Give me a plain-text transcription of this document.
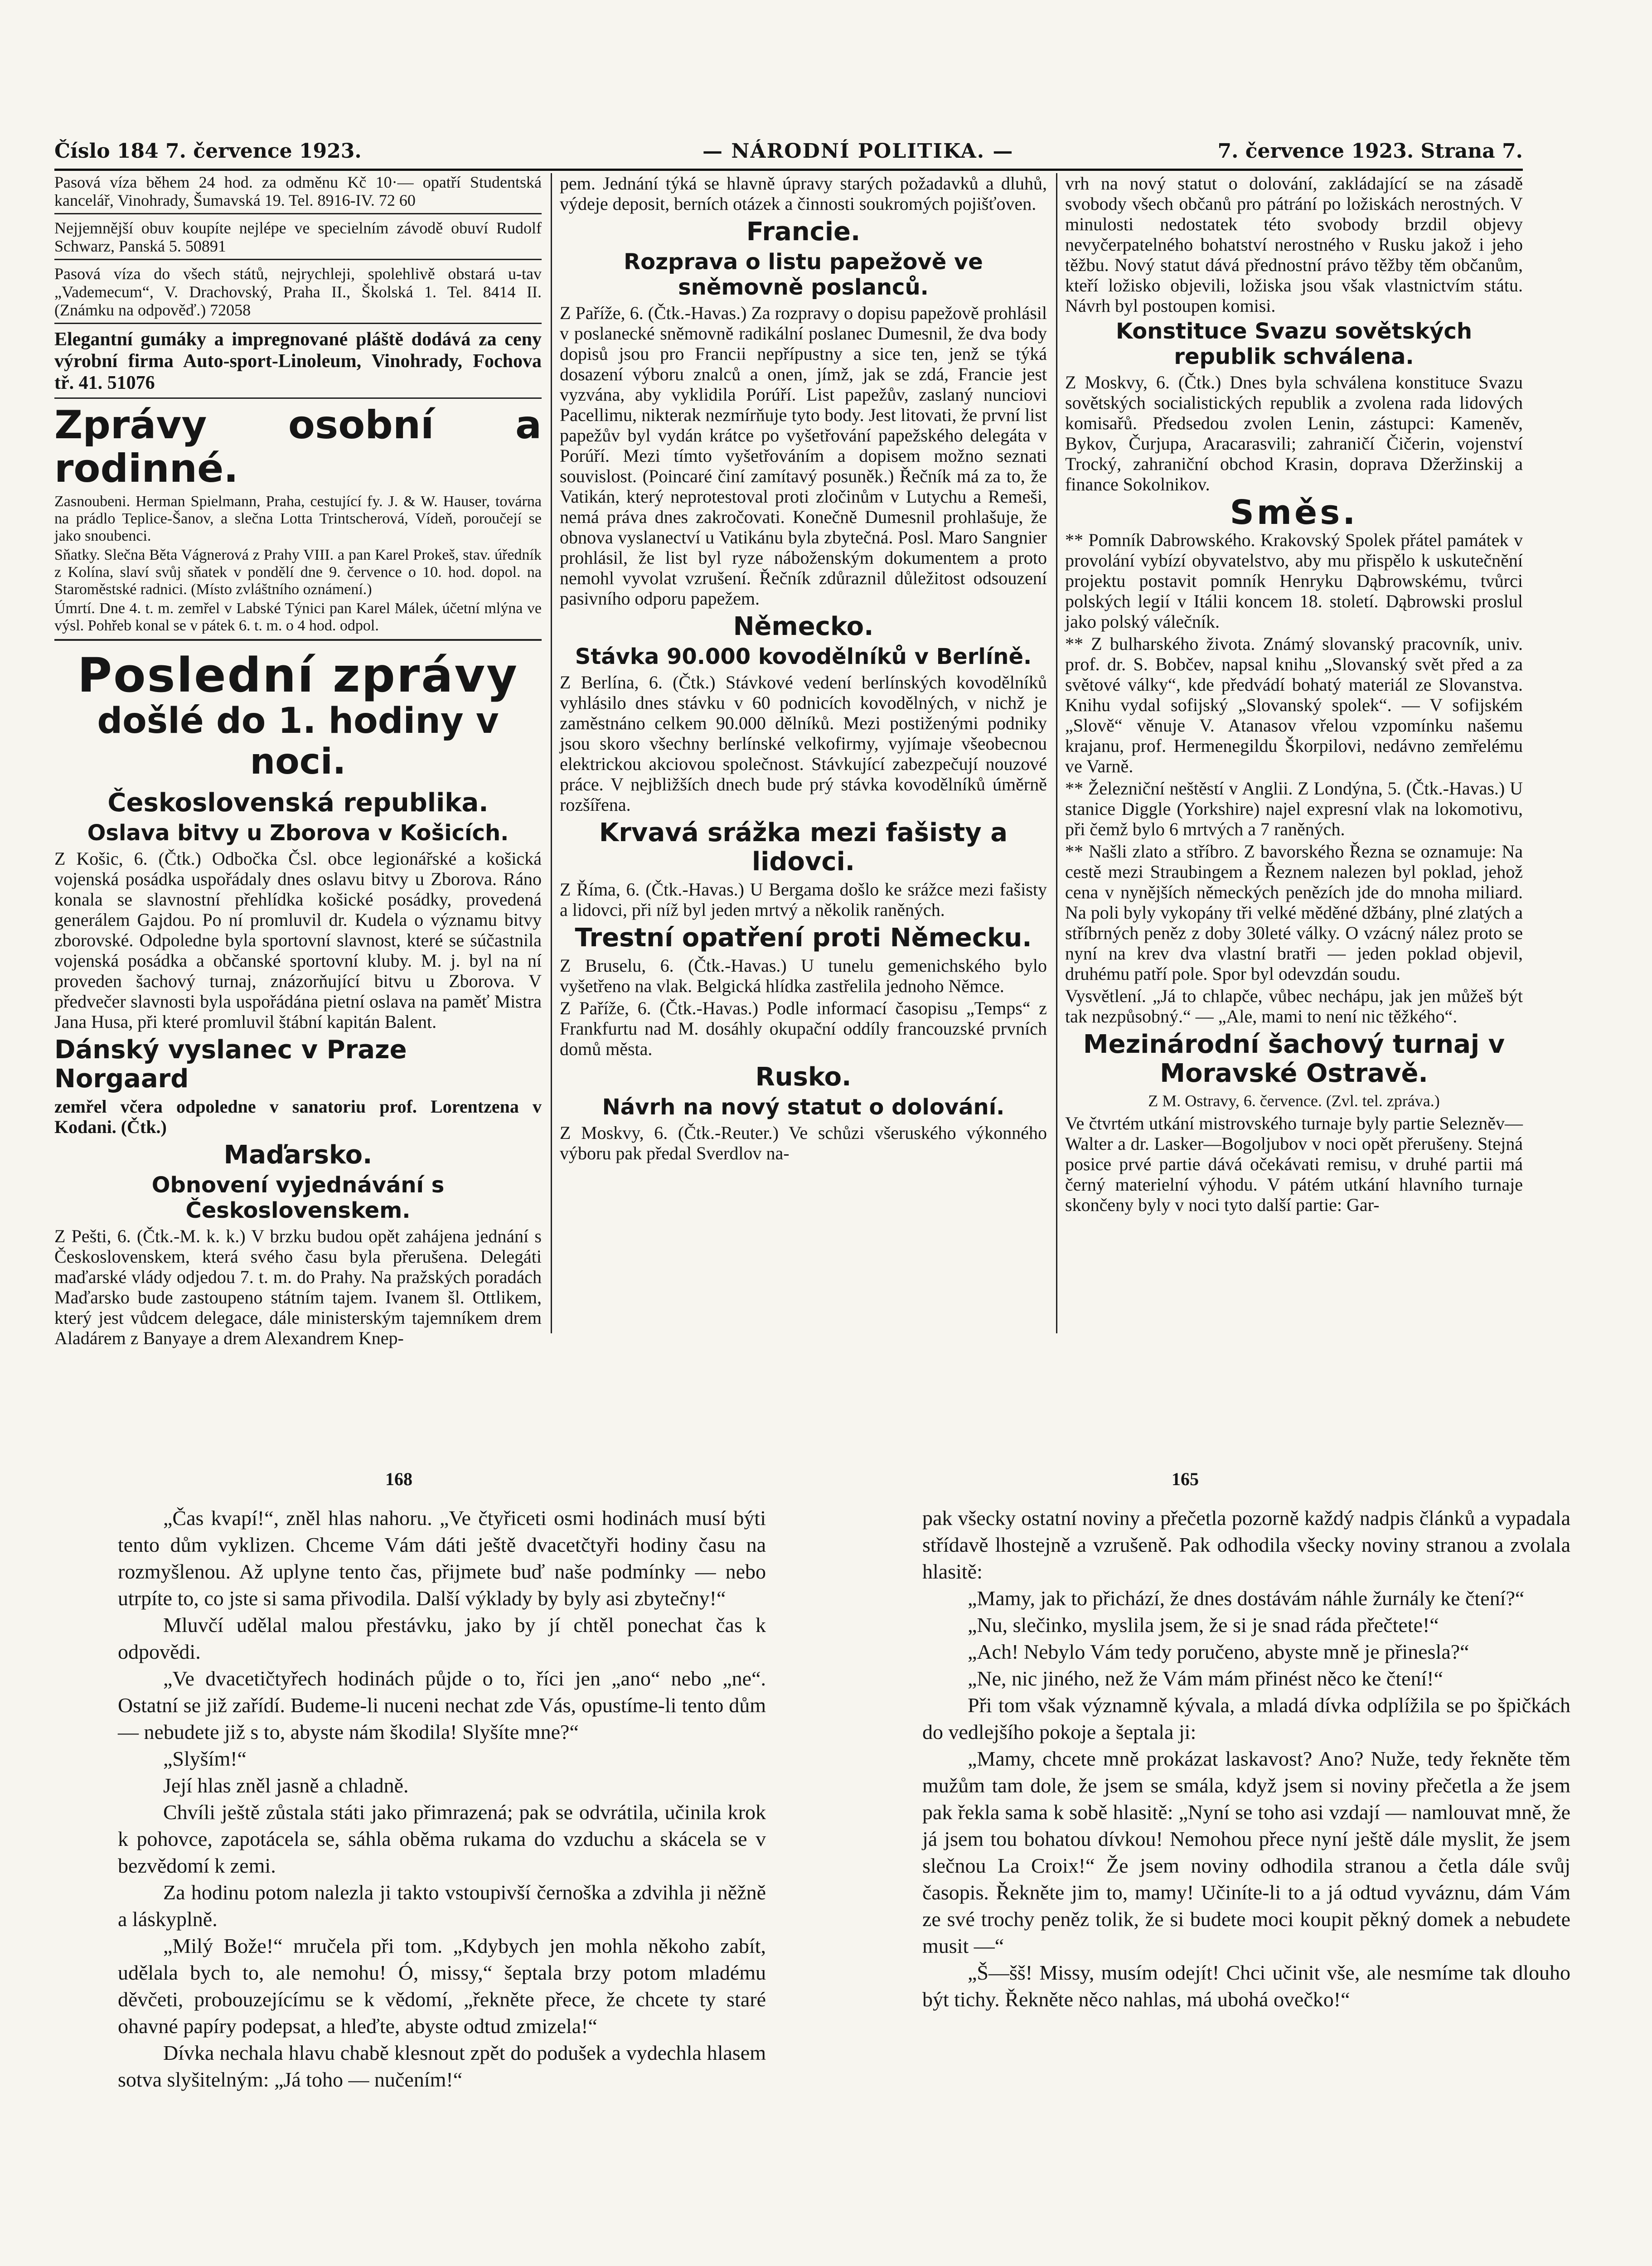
Číslo 184 7. července 1923.	— NÁRODNÍ POLITIKA. —	7. července 1923. Strana 7.
Pasová víza během 24 hod. za odměnu Kč 10·— opatří Studentská kancelář, Vinohrady, Šumavská 19. Tel. 8916-IV. 72 60
Nejjemnější obuv koupíte nejlépe ve specielním závodě obuví Rudolf Schwarz, Panská 5. 50891
Pasová víza do všech států, nejrychleji, spolehlivě obstará u-tav „Vademecum“, V. Drachovský, Praha II., Školská 1. Tel. 8414 II. (Známku na odpověď.) 72058
Elegantní gumáky a impregnované pláště dodává za ceny výrobní firma Auto-sport-Linoleum, Vinohrady, Fochova tř. 41. 51076
Zprávy osobní a rodinné.

Zasnoubeni. Herman Spielmann, Praha, cestující fy. J. & W. Hauser, továrna na prádlo Teplice-Šanov, a slečna Lotta Trintscherová, Vídeň, poroučejí se jako snoubenci.

Sňatky. Slečna Běta Vágnerová z Prahy VIII. a pan Karel Prokeš, stav. úředník z Kolína, slaví svůj sňatek v pondělí dne 9. července o 10. hod. dopol. na Staroměstské radnici. (Místo zvláštního oznámení.)

Úmrtí. Dne 4. t. m. zemřel v Labské Týnici pan Karel Málek, účetní mlýna ve výsl. Pohřeb konal se v pátek 6. t. m. o 4 hod. odpol.

Poslední zprávy
došlé do 1. hodiny v noci.
Československá republika.
Oslava bitvy u Zborova v Košicích.

Z Košic, 6. (Čtk.) Odbočka Čsl. obce legionářské a košická vojenská posádka uspořádaly dnes oslavu bitvy u Zborova. Ráno konala se slavnostní přehlídka košické posádky, provedená generálem Gajdou. Po ní promluvil dr. Kudela o významu bitvy zborovské. Odpoledne byla sportovní slavnost, které se súčastnila vojenská posádka a občanské sportovní kluby. M. j. byl na ní proveden šachový turnaj, znázorňující bitvu u Zborova. V předvečer slavnosti byla uspořádána pietní oslava na paměť Mistra Jana Husa, při které promluvil štábní kapitán Balent.

Dánský vyslanec v Praze Norgaard

zemřel včera odpoledne v sanatoriu prof. Lorentzena v Kodani. (Čtk.)

Maďarsko.
Obnovení vyjednávání s Československem.

Z Pešti, 6. (Čtk.-M. k. k.) V brzku budou opět zahájena jednání s Československem, která svého času byla přerušena. Delegáti maďarské vlády odjedou 7. t. m. do Prahy. Na pražských poradách Maďarsko bude zastoupeno státním tajem. Ivanem šl. Ottlikem, který jest vůdcem delegace, dále ministerským tajemníkem drem Aladárem z Banyaye a drem Alexandrem Knep-

pem. Jednání týká se hlavně úpravy starých požadavků a dluhů, výdeje deposit, berních otázek a činnosti soukromých pojišťoven.

Francie.
Rozprava o listu papežově ve sněmovně poslanců.

Z Paříže, 6. (Čtk.-Havas.) Za rozpravy o dopisu papežově prohlásil v poslanecké sněmovně radikální poslanec Dumesnil, že dva body dopisů jsou pro Francii nepřípustny a sice ten, jenž se týká dosazení výboru znalců a onen, jímž, jak se zdá, Francie jest vyzvána, aby vyklidila Porúří. List papežův, zaslaný nunciovi Pacellimu, nikterak nezmírňuje tyto body. Jest litovati, že první list papežův byl vydán krátce po vyšetřování papežského delegáta v Porúří. Mezi tímto vyšetřováním a dopisem možno seznati souvislost. (Poincaré činí zamítavý posuněk.) Řečník má za to, že Vatikán, který neprotestoval proti zločinům v Lutychu a Remeši, nemá práva dnes zakročovati. Konečně Dumesnil prohlašuje, že obnova vyslanectví u Vatikánu byla zbytečná. Posl. Maro Sangnier prohlásil, že list byl ryze náboženským dokumentem a proto nemohl vyvolat vzrušení. Řečník zdůraznil důležitost odsouzení pasivního odporu papežem.

Německo.
Stávka 90.000 kovodělníků v Berlíně.

Z Berlína, 6. (Čtk.) Stávkové vedení berlínských kovodělníků vyhlásilo dnes stávku v 60 podnicích kovodělných, v nichž je zaměstnáno celkem 90.000 dělníků. Mezi postiženými podniky jsou skoro všechny berlínské velkofirmy, vyjímaje všeobecnou elektrickou akciovou společnost. Stávkující zabezpečují nouzové práce. V nejbližších dnech bude prý stávka kovodělníků úměrně rozšířena.

Krvavá srážka mezi fašisty a lidovci.

Z Říma, 6. (Čtk.-Havas.) U Bergama došlo ke srážce mezi fašisty a lidovci, při níž byl jeden mrtvý a několik raněných.

Trestní opatření proti Německu.

Z Bruselu, 6. (Čtk.-Havas.) U tunelu gemenichského bylo vyšetřeno na vlak. Belgická hlídka zastřelila jednoho Němce.

Z Paříže, 6. (Čtk.-Havas.) Podle informací časopisu „Temps“ z Frankfurtu nad M. dosáhly okupační oddíly francouzské prvních domů města.

Rusko.
Návrh na nový statut o dolování.

Z Moskvy, 6. (Čtk.-Reuter.) Ve schůzi všeruského výkonného výboru pak předal Sverdlov na-

vrh na nový statut o dolování, zakládající se na zásadě svobody všech občanů pro pátrání po ložiskách nerostných. V minulosti nedostatek této svobody brzdil objevy nevyčerpatelného bohatství nerostného v Rusku jakož i jeho těžbu. Nový statut dává přednostní právo těžby těm občanům, kteří ložisko objevili, ložiska jsou však vlastnictvím státu. Návrh byl postoupen komisi.

Konstituce Svazu sovětských republik schválena.

Z Moskvy, 6. (Čtk.) Dnes byla schválena konstituce Svazu sovětských socialistických republik a zvolena rada lidových komisařů. Předsedou zvolen Lenin, zástupci: Kameněv, Bykov, Čurjupa, Aracarasvili; zahraničí Čičerin, vojenství Trocký, zahraniční obchod Krasin, doprava Džeržinskij a finance Sokolnikov.

Směs.

** Pomník Dabrowského. Krakovský Spolek přátel památek v provolání vybízí obyvatelstvo, aby mu přispělo k uskutečnění projektu postavit pomník Henryku Dąbrowskému, tvůrci polských legií v Itálii koncem 18. století. Dąbrowski proslul jako polský válečník.

** Z bulharského života. Známý slovanský pracovník, univ. prof. dr. S. Bobčev, napsal knihu „Slovanský svět před a za světové války“, kde předvádí bohatý materiál ze Slovanstva. Knihu vydal sofijský „Slovanský spolek“. — V sofijském „Slově“ věnuje V. Atanasov vřelou vzpomínku našemu krajanu, prof. Hermenegildu Škorpilovi, nedávno zemřelému ve Varně.

** Železniční neštěstí v Anglii. Z Londýna, 5. (Čtk.-Havas.) U stanice Diggle (Yorkshire) najel expresní vlak na lokomotivu, při čemž bylo 6 mrtvých a 7 raněných.

** Našli zlato a stříbro. Z bavorského Řezna se oznamuje: Na cestě mezi Straubingem a Řeznem nalezen byl poklad, jehož cena v nynějších německých penězích jde do mnoha miliard. Na poli byly vykopány tři velké měděné džbány, plné zlatých a stříbrných peněz z doby 30leté války. O vzácný nález proto se nyní na krev dva vlastní bratři — jeden poklad objevil, druhému patří pole. Spor byl odevzdán soudu.

Vysvětlení. „Já to chlapče, vůbec nechápu, jak jen můžeš být tak nezpůsobný.“ — „Ale, mami to není nic těžkého“.

Mezinárodní šachový turnaj v Moravské Ostravě.

Z M. Ostravy, 6. července. (Zvl. tel. zpráva.)

Ve čtvrtém utkání mistrovského turnaje byly partie Selezněv—Walter a dr. Lasker—Bogoljubov v noci opět přerušeny. Stejná posice prvé partie dává očekávati remisu, v druhé partii má černý materielní výhodu. V pátém utkání hlavního turnaje skončeny byly v noci tyto další partie: Gar-

168	165

„Čas kvapí!“, zněl hlas nahoru. „Ve čtyřiceti osmi hodinách musí býti tento dům vyklizen. Chceme Vám dáti ještě dvacetčtyři hodiny času na rozmyšlenou. Až uplyne tento čas, přijmete buď naše podmínky — nebo utrpíte to, co jste si sama přivodila. Další výklady by byly asi zbytečny!“

Mluvčí udělal malou přestávku, jako by jí chtěl ponechat čas k odpovědi.

„Ve dvacetičtyřech hodinách půjde o to, říci jen „ano“ nebo „ne“. Ostatní se již zařídí. Budeme-li nuceni nechat zde Vás, opustíme-li tento dům — nebudete již s to, abyste nám škodila! Slyšíte mne?“

„Slyším!“

Její hlas zněl jasně a chladně.

Chvíli ještě zůstala státi jako přimrazená; pak se odvrátila, učinila krok k pohovce, zapotácela se, sáhla oběma rukama do vzduchu a skácela se v bezvědomí k zemi.

Za hodinu potom nalezla ji takto vstoupivší černoška a zdvihla ji něžně a láskyplně.

„Milý Bože!“ mručela při tom. „Kdybych jen mohla někoho zabít, udělala bych to, ale nemohu! Ó, missy,“ šeptala brzy potom mladému děvčeti, probouzejícímu se k vědomí, „řekněte přece, že chcete ty staré ohavné papíry podepsat, a hleďte, abyste odtud zmizela!“

Dívka nechala hlavu chabě klesnout zpět do podušek a vydechla hlasem sotva slyšitelným: „Já toho — nučením!“

pak všecky ostatní noviny a přečetla pozorně každý nadpis článků a vypadala střídavě lhostejně a vzrušeně. Pak odhodila všecky noviny stranou a zvolala hlasitě:

„Mamy, jak to přichází, že dnes dostávám náhle žurnály ke čtení?“

„Nu, slečinko, myslila jsem, že si je snad ráda přečtete!“

„Ach! Nebylo Vám tedy poručeno, abyste mně je přinesla?“

„Ne, nic jiného, než že Vám mám přinést něco ke čtení!“

Při tom však významně kývala, a mladá dívka odplížila se po špičkách do vedlejšího pokoje a šeptala ji:

„Mamy, chcete mně prokázat laskavost? Ano? Nuže, tedy řekněte těm mužům tam dole, že jsem se smála, když jsem si noviny přečetla a že jsem pak řekla sama k sobě hlasitě: „Nyní se toho asi vzdají — namlouvat mně, že já jsem tou bohatou dívkou! Nemohou přece nyní ještě dále myslit, že jsem slečnou La Croix!“ Že jsem noviny odhodila stranou a četla dále svůj časopis. Řekněte jim to, mamy! Učiníte-li to a já odtud vyváznu, dám Vám ze své trochy peněz tolik, že si budete moci koupit pěkný domek a nebudete musit —“

„Š—šš! Missy, musím odejít! Chci učinit vše, ale nesmíme tak dlouho být tichy. Řekněte něco nahlas, má ubohá ovečko!“
